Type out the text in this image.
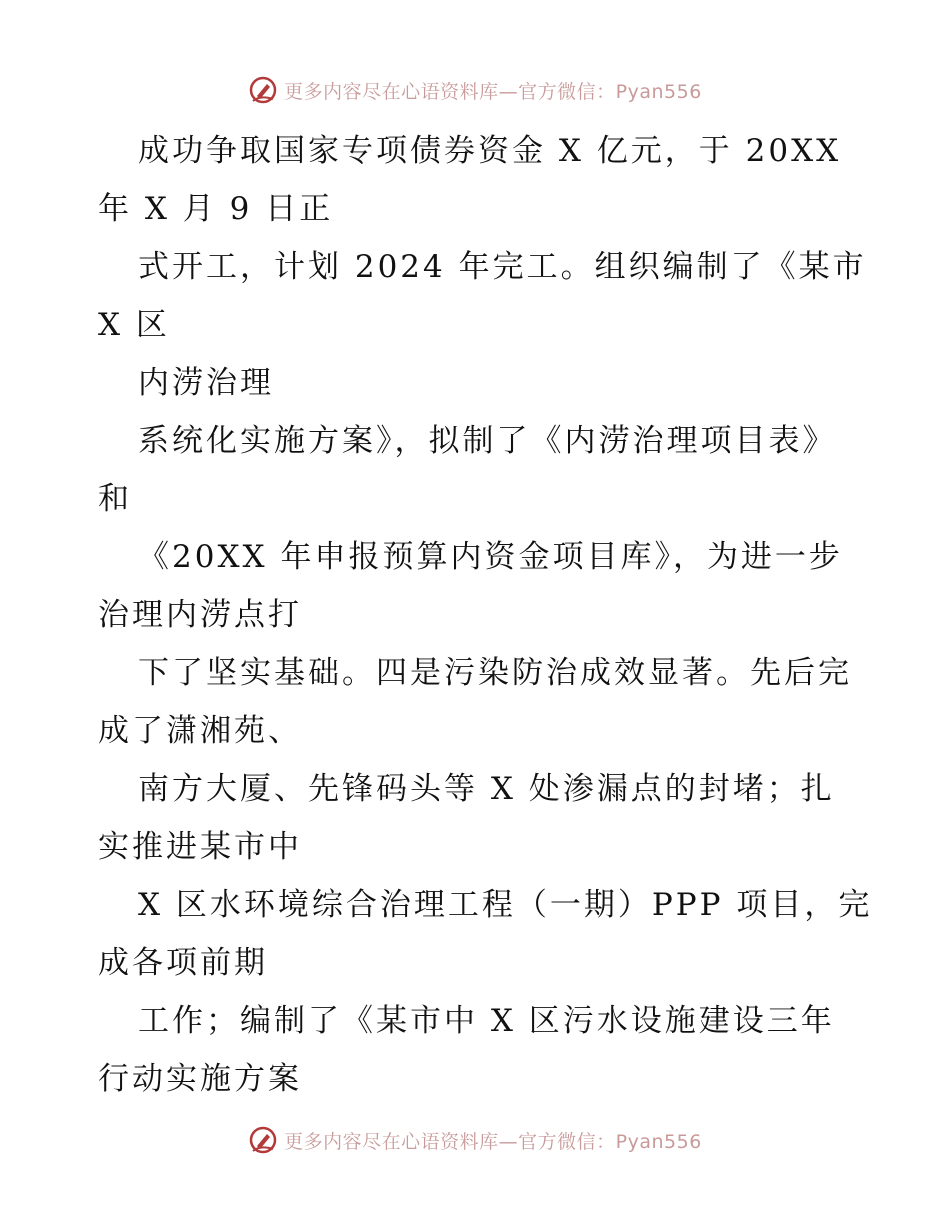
更多内容尽在心语资料库—官方微信：Pyan556
成功争取国家专项债券资金 X 亿元，于 20XX
年 X 月 9 日正
式开工，计划 2024 年完工。组织编制了《某市
X 区
内涝治理
系统化实施方案》，拟制了《内涝治理项目表》
和
《20XX 年申报预算内资金项目库》，为进一步
治理内涝点打
下了坚实基础。四是污染防治成效显著。先后完
成了潇湘苑、
南方大厦、先锋码头等 X 处渗漏点的封堵；扎
实推进某市中
X 区水环境综合治理工程（一期）PPP 项目，完
成各项前期
工作；编制了《某市中 X 区污水设施建设三年
行动实施方案
更多内容尽在心语资料库—官方微信：Pyan556
